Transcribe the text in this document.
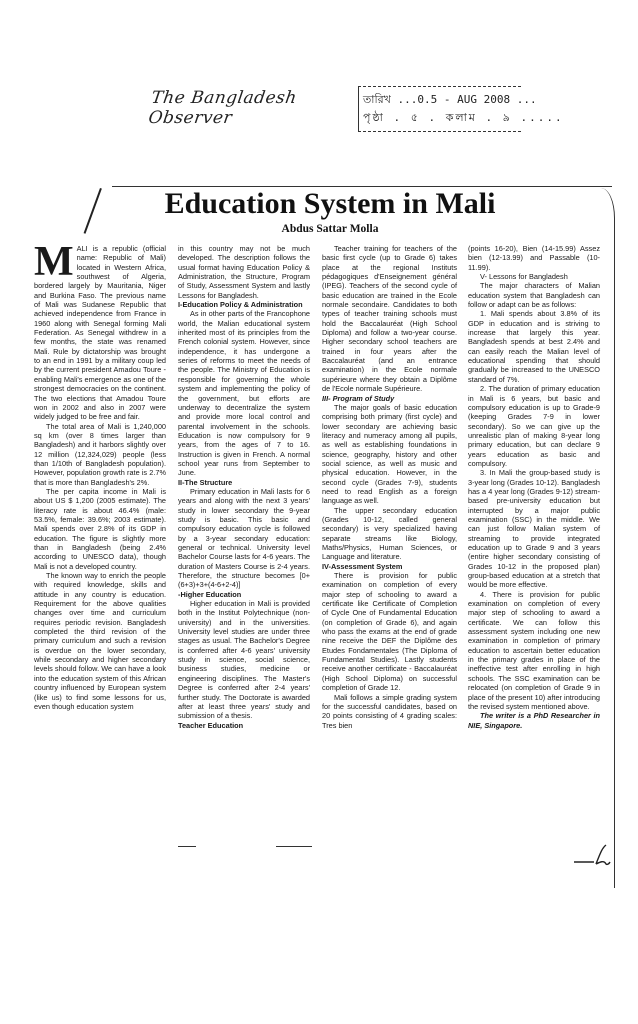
The Bangladesh Observer
তারিখ ...0.5 - AUG 2008 ...
পৃষ্ঠা . ৫ . কলাম . ৯ .....
Education System in Mali
Abdus Sattar Molla

MALI is a republic (official name: Republic of Mali) located in Western Africa, southwest of Algeria, bordered largely by Mauritania, Niger and Burkina Faso. The previous name of Mali was Sudanese Republic that achieved independence from France in 1960 along with Senegal forming Mali Federation. As Senegal withdrew in a few months, the state was renamed Mali. Rule by dictatorship was brought to an end in 1991 by a military coup led by the current president Amadou Toure - enabling Mali's emergence as one of the strongest democracies on the continent. The two elections that Amadou Toure won in 2002 and also in 2007 were widely judged to be free and fair.

The total area of Mali is 1,240,000 sq km (over 8 times larger than Bangladesh) and it harbors slightly over 12 million (12,324,029) people (less than 1/10th of Bangladesh population). However, population growth rate is 2.7% that is more than Bangladesh's 2%.

The per capita income in Mali is about US $ 1,200 (2005 estimate). The literacy rate is about 46.4% (male: 53.5%, female: 39.6%; 2003 estimate). Mali spends over 2.8% of its GDP in education. The figure is slightly more than in Bangladesh (being 2.4% according to UNESCO data), though Mali is not a developed country.

The known way to enrich the people with required knowledge, skills and attitude in any country is education. Requirement for the above qualities changes over time and curriculum requires periodic revision. Bangladesh completed the third revision of the primary curriculum and such a revision is overdue on the lower secondary, while secondary and higher secondary levels should follow. We can have a look into the education system of this African country influenced by European system (like us) to find some lessons for us, even though education system

in this country may not be much developed. The description follows the usual format having Education Policy & Administration, the Structure, Program of Study, Assessment System and lastly Lessons for Bangladesh.

I-Education Policy & Administration

As in other parts of the Francophone world, the Malian educational system inherited most of its principles from the French colonial system. However, since independence, it has undergone a series of reforms to meet the needs of the people. The Ministry of Education is responsible for governing the whole system and implementing the policy of the government, but efforts are underway to decentralize the system and provide more local control and parental involvement in the schools. Education is now compulsory for 9 years, from the ages of 7 to 16. Instruction is given in French. A normal school year runs from September to June.

II-The Structure

Primary education in Mali lasts for 6 years and along with the next 3 years' study in lower secondary the 9-year study is basic. This basic and compulsory education cycle is followed by a 3-year secondary education: general or technical. University level Bachelor Course lasts for 4-6 years. The duration of Masters Course is 2-4 years. Therefore, the structure becomes [0+(6+3)+3+(4-6+2-4)]

-Higher Education

Higher education in Mali is provided both in the Institut Polytechnique (non-university) and in the universities. University level studies are under three stages as usual. The Bachelor's Degree is conferred after 4-6 years' university study in science, social science, business studies, medicine or engineering disciplines. The Master's Degree is conferred after 2-4 years' further study. The Doctorate is awarded after at least three years' study and submission of a thesis.

Teacher Education

Teacher training for teachers of the basic first cycle (up to Grade 6) takes place at the regional Instituts pédagogiques d'Enseignement général (IPEG). Teachers of the second cycle of basic education are trained in the Ecole normale secondaire. Candidates to both types of teacher training schools must hold the Baccalauréat (High School Diploma) and follow a two-year course. Higher secondary school teachers are trained in four years after the Baccalauréat (and an entrance examination) in the Ecole normale supérieure where they obtain a Diplôme de l'Ecole normale Supérieure.

III- Program of Study

The major goals of basic education comprising both primary (first cycle) and lower secondary are achieving basic literacy and numeracy among all pupils, as well as establishing foundations in science, geography, history and other social science, as well as music and physical education. However, in the second cycle (Grades 7-9), students need to read English as a foreign language as well.

The upper secondary education (Grades 10-12, called general secondary) is very specialized having separate streams like Biology, Maths/Physics, Human Sciences, or Language and literature.

IV-Assessment System

There is provision for public examination on completion of every major step of schooling to award a certificate like Certificate of Completion of Cycle One of Fundamental Education (on completion of Grade 6), and again who pass the exams at the end of grade nine receive the DEF the Diplôme des Etudes Fondamentales (The Diploma of Fundamental Studies). Lastly students receive another certificate - Baccalauréat (High School Diploma) on successful completion of Grade 12.

Mali follows a simple grading system for the successful candidates, based on 20 points consisting of 4 grading scales: Tres bien

(points 16-20), Bien (14-15.99) Assez bien (12-13.99) and Passable (10-11.99).

V- Lessons for Bangladesh

The major characters of Malian education system that Bangladesh can follow or adapt can be as follows:

1. Mali spends about 3.8% of its GDP in education and is striving to increase that largely this year. Bangladesh spends at best 2.4% and can easily reach the Malian level of educational spending that should gradually be increased to the UNESCO standard of 7%.

2. The duration of primary education in Mali is 6 years, but basic and compulsory education is up to Grade-9 (keeping Grades 7-9 in lower secondary). So we can give up the unrealistic plan of making 8-year long primary education, but can declare 9 years education as basic and compulsory.

3. In Mali the group-based study is 3-year long (Grades 10-12). Bangladesh has a 4 year long (Grades 9-12) stream-based pre-university education but interrupted by a major public examination (SSC) in the middle. We can just follow Malian system of streaming to provide integrated education up to Grade 9 and 3 years (entire higher secondary consisting of Grades 10-12 in the proposed plan) group-based education at a stretch that would be more effective.

4. There is provision for public examination on completion of every major step of schooling to award a certificate. We can follow this assessment system including one new examination in completion of primary education to ascertain better education in the primary grades in place of the ineffective test after enrolling in high schools. The SSC examination can be relocated (on completion of Grade 9 in place of the present 10) after introducing the revised system mentioned above.

The writer is a PhD Researcher in NIE, Singapore.
